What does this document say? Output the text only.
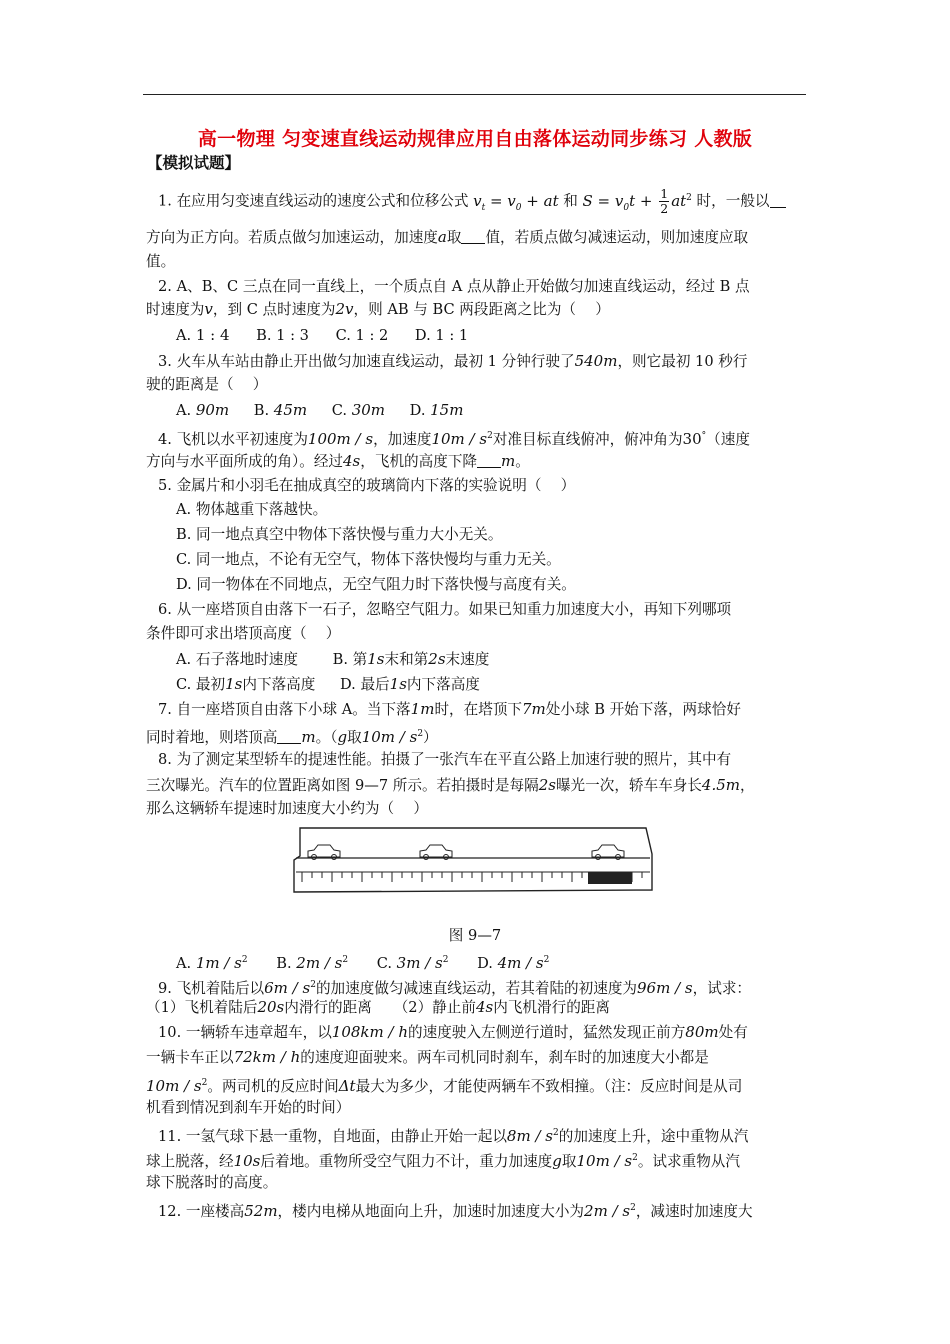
高一物理 匀变速直线运动规律应用自由落体运动同步练习 人教版
【模拟试题】
1. 在应用匀变速直线运动的速度公式和位移公式 $v_t = v_0$ + at 和 $S = v_0t + \frac{1}{2} at^2$ 时，一般以
方向为正方向。若质点做匀加速运动，加速度a取 值，若质点做匀减速运动，则加速度应取
值。
2. A、B、C 三点在同一直线上，一个质点自 A 点从静止开始做匀加速直线运动，经过 B 点
时速度为v，到 C 点时速度为2v，则 AB 与 BC 两段距离之比为（　 ）
A. 1 : 4 B. 1 : 3 C. 1 : 2 D. 1 : 1
3. 火车从车站由静止开出做匀加速直线运动，最初 1 分钟行驶了540m，则它最初 10 秒行
驶的距离是（　 ）
A. 90m B. 45m C. 30m D. 15m
4. 飞机以水平初速度为100m / s，加速度$10m / s^2$对准目标直线俯冲，俯冲角为30°（速度
方向与水平面所成的角）。经过4s，飞机的高度下降 m。
5. 金属片和小羽毛在抽成真空的玻璃筒内下落的实验说明（　 ）
A. 物体越重下落越快。
B. 同一地点真空中物体下落快慢与重力大小无关。
C. 同一地点，不论有无空气，物体下落快慢均与重力无关。
D. 同一物体在不同地点，无空气阻力时下落快慢与高度有关。
6. 从一座塔顶自由落下一石子，忽略空气阻力。如果已知重力加速度大小，再知下列哪项
条件即可求出塔顶高度（　 ）
A. 石子落地时速度 B. 第1s末和第2s末速度
C. 最初1s内下落高度 D. 最后1s内下落高度
7. 自一座塔顶自由落下小球 A。当下落1m时，在塔顶下7m处小球 B 开始下落，两球恰好
同时着地，则塔顶高 m。（g取$10m / s^2$）
8. 为了测定某型轿车的提速性能。拍摄了一张汽车在平直公路上加速行驶的照片，其中有
三次曝光。汽车的位置距离如图 9—7 所示。若拍摄时是每隔2s曝光一次，轿车车身长4.5m，
那么这辆轿车提速时加速度大小约为（　 ）
图 9—7
A. $1m / s^2$ B. $2m / s^2$ C. $3m / s^2$ D. $4m / s^2$
9. 飞机着陆后以$6m / s^2$的加速度做匀减速直线运动，若其着陆的初速度为96m / s，试求：
（1）飞机着陆后20s内滑行的距离　　（2）静止前4s内飞机滑行的距离
10. 一辆轿车违章超车，以108km / h的速度驶入左侧逆行道时，猛然发现正前方80m处有
一辆卡车正以72km / h的速度迎面驶来。两车司机同时刹车，刹车时的加速度大小都是
$10m / s^2$。两司机的反应时间Δt最大为多少，才能使两辆车不致相撞。（注：反应时间是从司
机看到情况到刹车开始的时间）
11. 一氢气球下悬一重物，自地面，由静止开始一起以$8m / s^2$的加速度上升，途中重物从汽
球上脱落，经10s后着地。重物所受空气阻力不计，重力加速度g取$10m / s^2$。试求重物从汽
球下脱落时的高度。
12. 一座楼高52m，楼内电梯从地面向上升，加速时加速度大小为$2m / s^2$，减速时加速度大
